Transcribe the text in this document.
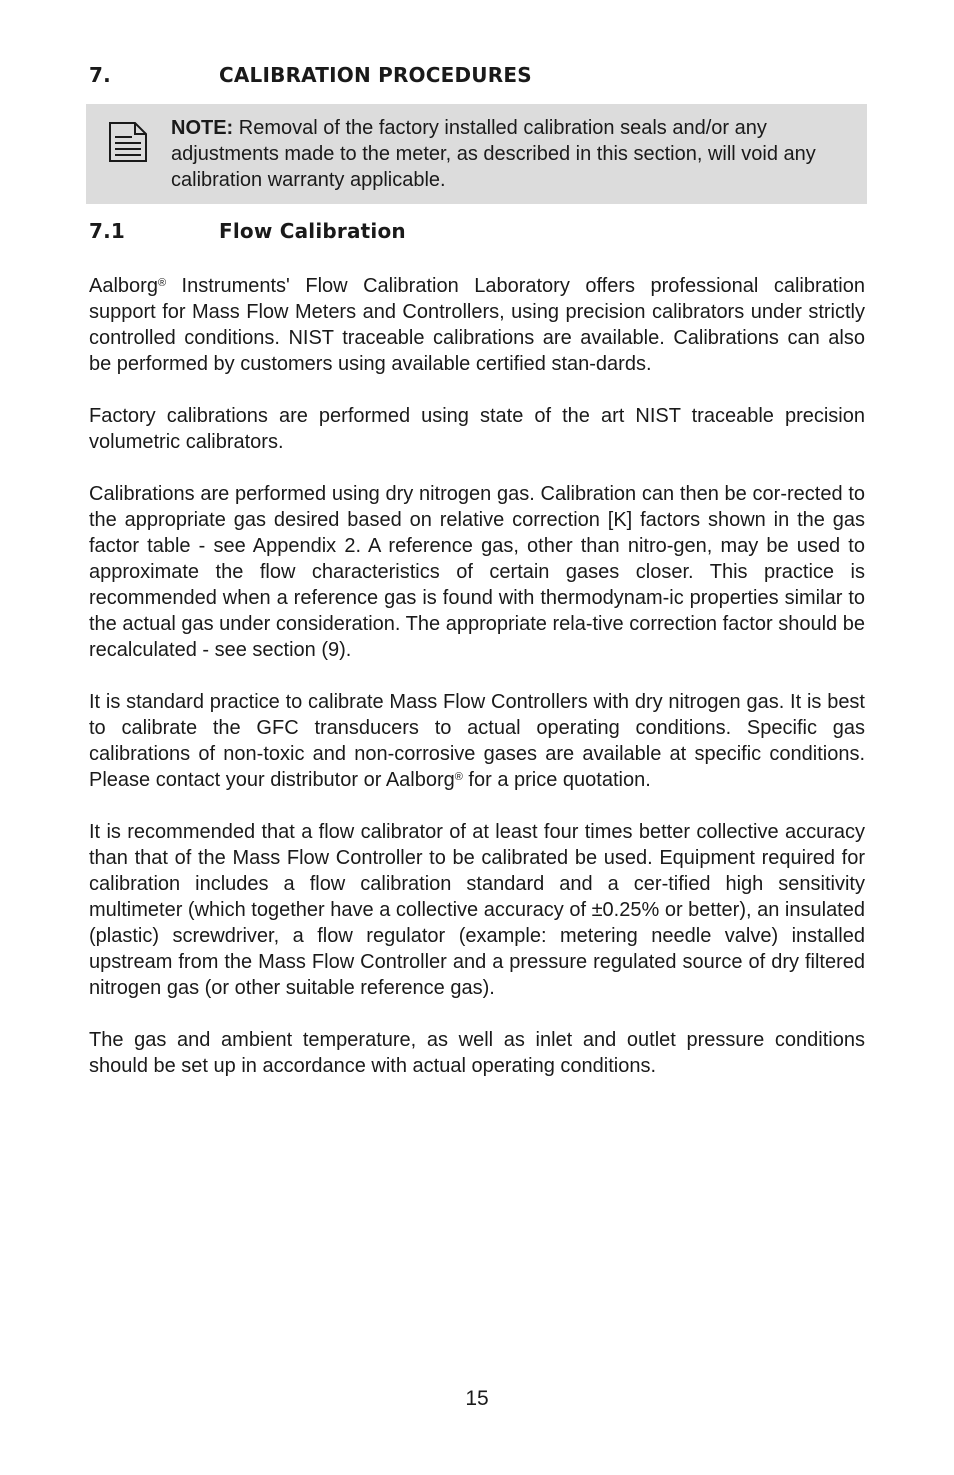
7.	CALIBRATION PROCEDURES
NOTE: Removal of the factory installed calibration seals and/or any adjustments made to the meter, as described in this section, will void any calibration warranty applicable.
7.1	Flow Calibration

Aalborg® Instruments' Flow Calibration Laboratory offers professional calibration support for Mass Flow Meters and Controllers, using precision calibrators under strictly controlled conditions. NIST traceable calibrations are available. Calibrations can also be performed by customers using available certified stan-dards.

Factory calibrations are performed using state of the art NIST traceable precision volumetric calibrators.

Calibrations are performed using dry nitrogen gas. Calibration can then be cor-rected to the appropriate gas desired based on relative correction [K] factors shown in the gas factor table - see Appendix 2. A reference gas, other than nitro-gen, may be used to approximate the flow characteristics of certain gases closer. This practice is recommended when a reference gas is found with thermodynam-ic properties similar to the actual gas under consideration. The appropriate rela-tive correction factor should be recalculated - see section (9).

It is standard practice to calibrate Mass Flow Controllers with dry nitrogen gas. It is best to calibrate the GFC transducers to actual operating conditions. Specific gas calibrations of non-toxic and non-corrosive gases are available at specific conditions. Please contact your distributor or Aalborg® for a price quotation.

It is recommended that a flow calibrator of at least four times better collective accuracy than that of the Mass Flow Controller to be calibrated be used. Equipment required for calibration includes a flow calibration standard and a cer-tified high sensitivity multimeter (which together have a collective accuracy of ±0.25% or better), an insulated (plastic) screwdriver, a flow regulator (example: metering needle valve) installed upstream from the Mass Flow Controller and a pressure regulated source of dry filtered nitrogen gas (or other suitable reference gas).

The gas and ambient temperature, as well as inlet and outlet pressure conditions should be set up in accordance with actual operating conditions.

15
